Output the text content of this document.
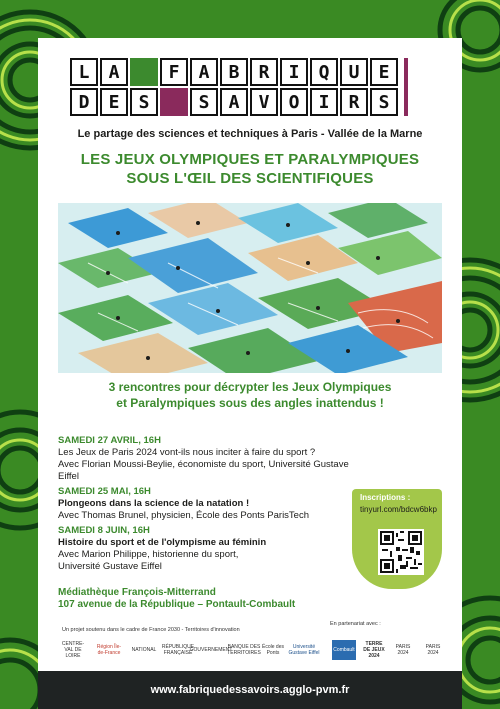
L	A	F	A	B	R	I	Q	U	E
D	E	S	S	A	V	O	I	R	S
Le partage des sciences et techniques à Paris - Vallée de la Marne
LES JEUX OLYMPIQUES ET PARALYMPIQUES
SOUS L'ŒIL DES SCIENTIFIQUES
3 rencontres pour décrypter les Jeux Olympiques
et Paralympiques sous des angles inattendus !
SAMEDI 27 AVRIL, 16H
Les Jeux de Paris 2024 vont-ils nous inciter à faire du sport ?
Avec Florian Moussi-Beylie, économiste du sport, Université Gustave Eiffel
SAMEDI 25 MAI, 16H
Plongeons dans la science de la natation !
Avec Thomas Brunel, physicien, École des Ponts ParisTech
SAMEDI 8 JUIN, 16H
Histoire du sport et de l'olympisme au féminin
Avec Marion Philippe, historienne du sport,
Université Gustave Eiffel
Inscriptions :
tinyurl.com/bdcw6bkp
Médiathèque François-Mitterrand
107 avenue de la République – Pontault-Combault
Un projet soutenu dans le cadre de France 2030 - Territoires d'innovation
En partenariat avec :
CENTRE-VAL DE LOIRE
Région Île-de-France	NATIONAL	RÉPUBLIQUE FRANÇAISE
GOUVERNEMENT
BANQUE DES TERRITOIRES
École des Ponts
Université Gustave Eiffel	Combault
TERRE DE JEUX 2024
PARIS 2024
PARIS 2024
www.fabriquedessavoirs.agglo-pvm.fr
